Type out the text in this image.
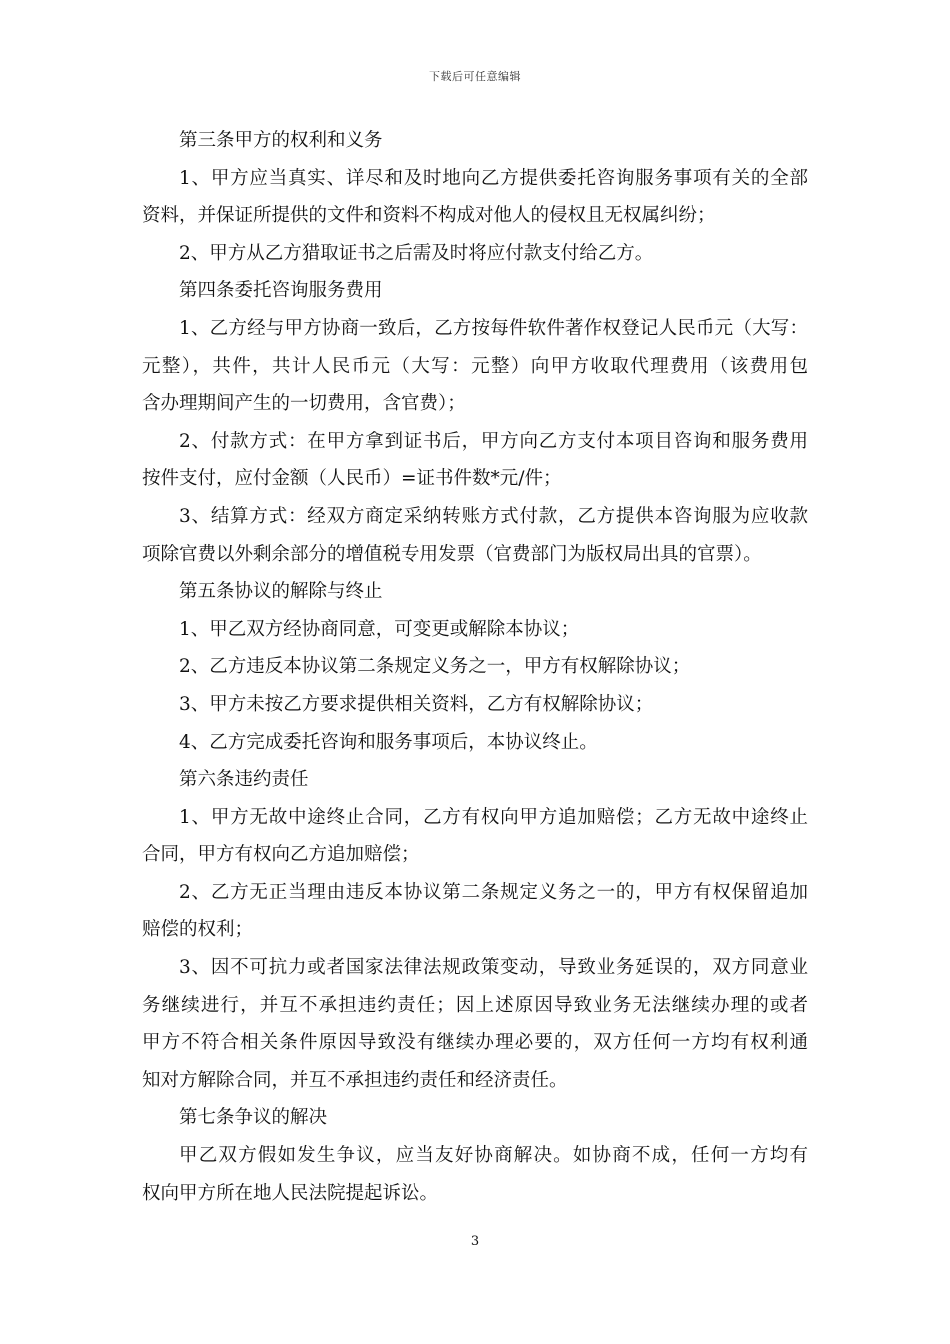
下载后可任意编辑
第三条甲方的权利和义务
1、甲方应当真实、详尽和及时地向乙方提供委托咨询服务事项有关的全部
资料，并保证所提供的文件和资料不构成对他人的侵权且无权属纠纷；
2、甲方从乙方猎取证书之后需及时将应付款支付给乙方。
第四条委托咨询服务费用
1、乙方经与甲方协商一致后，乙方按每件软件著作权登记人民币元（大写：
元整），共件，共计人民币元（大写：元整）向甲方收取代理费用（该费用包
含办理期间产生的一切费用，含官费）；
2、付款方式：在甲方拿到证书后，甲方向乙方支付本项目咨询和服务费用
按件支付，应付金额（人民币）=证书件数*元/件；
3、结算方式：经双方商定采纳转账方式付款，乙方提供本咨询服为应收款
项除官费以外剩余部分的增值税专用发票（官费部门为版权局出具的官票）。
第五条协议的解除与终止
1、甲乙双方经协商同意，可变更或解除本协议；
2、乙方违反本协议第二条规定义务之一，甲方有权解除协议；
3、甲方未按乙方要求提供相关资料，乙方有权解除协议；
4、乙方完成委托咨询和服务事项后，本协议终止。
第六条违约责任
1、甲方无故中途终止合同，乙方有权向甲方追加赔偿；乙方无故中途终止
合同，甲方有权向乙方追加赔偿；
2、乙方无正当理由违反本协议第二条规定义务之一的，甲方有权保留追加
赔偿的权利；
3、因不可抗力或者国家法律法规政策变动，导致业务延误的，双方同意业
务继续进行，并互不承担违约责任；因上述原因导致业务无法继续办理的或者
甲方不符合相关条件原因导致没有继续办理必要的，双方任何一方均有权利通
知对方解除合同，并互不承担违约责任和经济责任。
第七条争议的解决
甲乙双方假如发生争议，应当友好协商解决。如协商不成，任何一方均有
权向甲方所在地人民法院提起诉讼。
3
